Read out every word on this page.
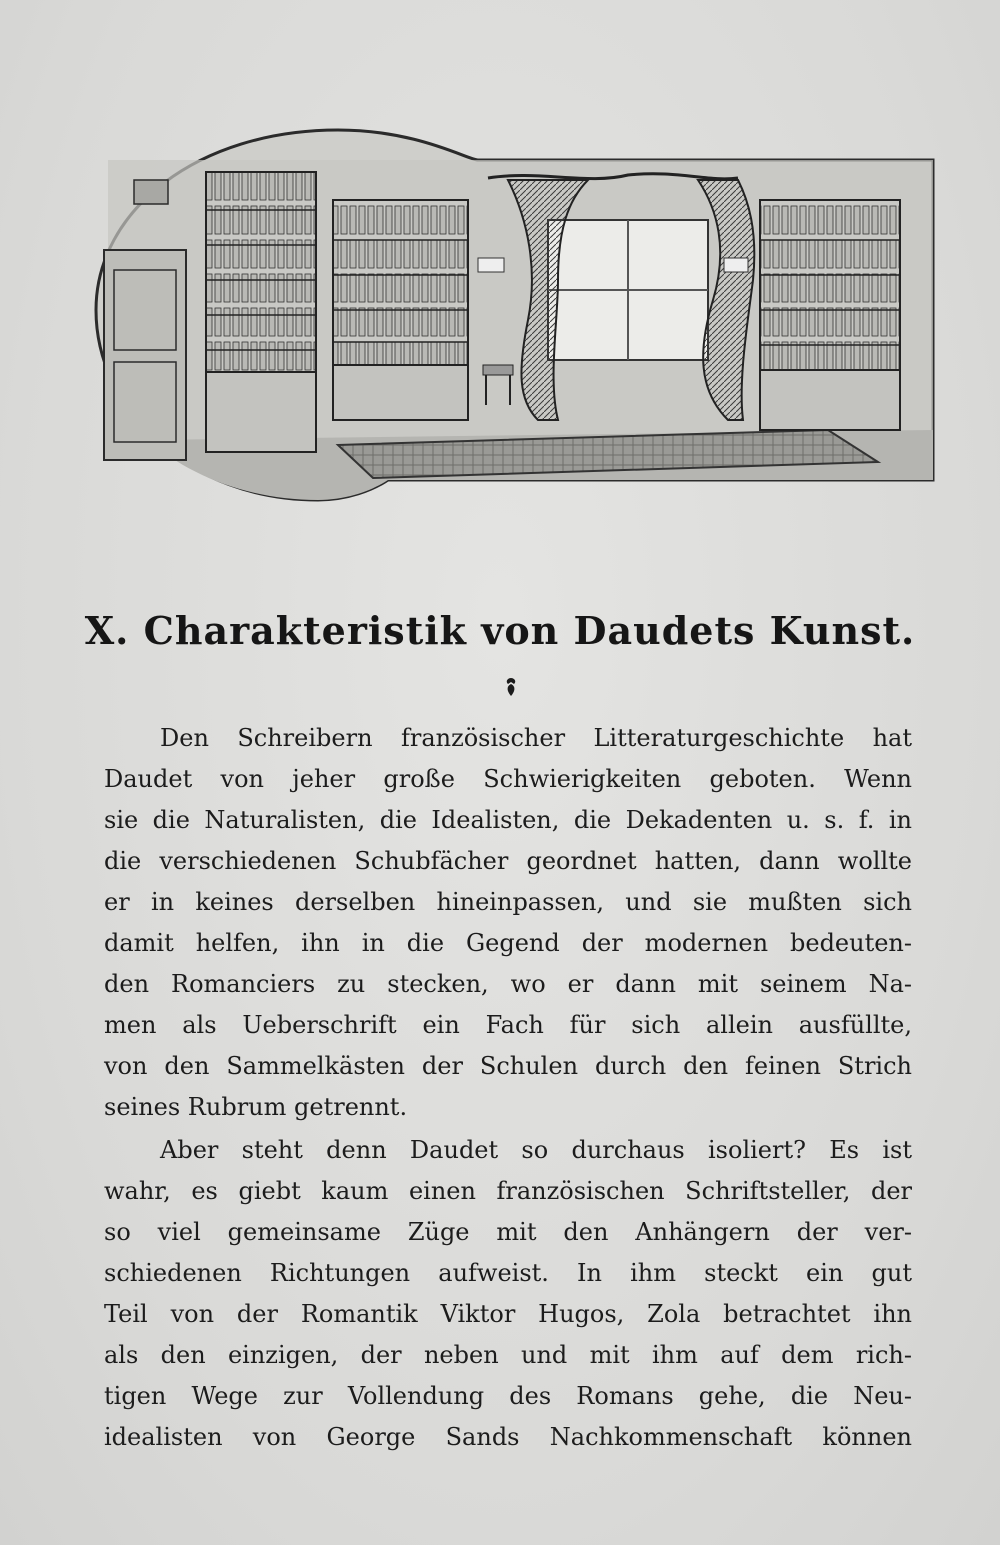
X. Charakteristik von Daudets Kunst.
Den Schreibern französischer Litteraturgeschichte hat
Daudet von jeher große Schwierigkeiten geboten. Wenn
sie die Naturalisten, die Idealisten, die Dekadenten u. s. f. in
die verschiedenen Schubfächer geordnet hatten, dann wollte
er in keines derselben hineinpassen, und sie mußten sich
damit helfen, ihn in die Gegend der modernen bedeuten-
den Romanciers zu stecken, wo er dann mit seinem Na-
men als Ueberschrift ein Fach für sich allein ausfüllte,
von den Sammelkästen der Schulen durch den feinen Strich
seines Rubrum getrennt.
Aber steht denn Daudet so durchaus isoliert? Es ist
wahr, es giebt kaum einen französischen Schriftsteller, der
so viel gemeinsame Züge mit den Anhängern der ver-
schiedenen Richtungen aufweist. In ihm steckt ein gut
Teil von der Romantik Viktor Hugos, Zola betrachtet ihn
als den einzigen, der neben und mit ihm auf dem rich-
tigen Wege zur Vollendung des Romans gehe, die Neu-
idealisten von George Sands Nachkommenschaft können
